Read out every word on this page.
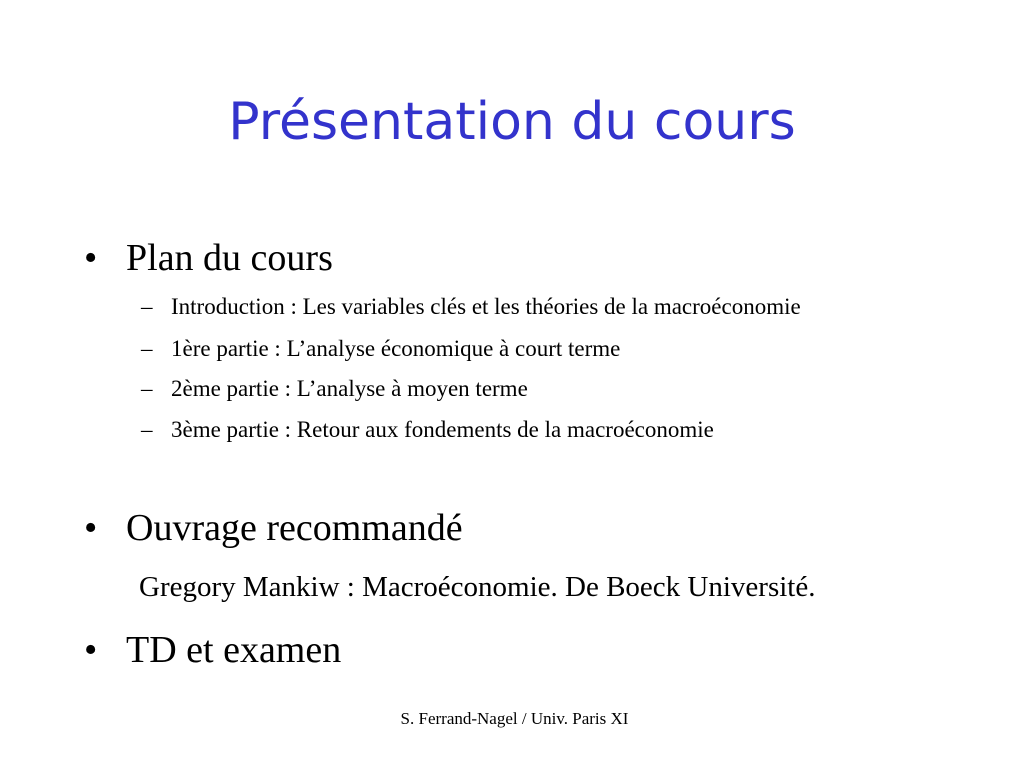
Présentation du cours
• Plan du cours
– Introduction : Les variables clés et les théories de la macroéconomie
– 1ère partie : L’analyse économique à court terme
– 2ème partie : L’analyse à moyen terme
– 3ème partie : Retour aux fondements de la macroéconomie
• Ouvrage recommandé
Gregory Mankiw : Macroéconomie. De Boeck Université.
• TD et examen
S. Ferrand-Nagel / Univ. Paris XI
